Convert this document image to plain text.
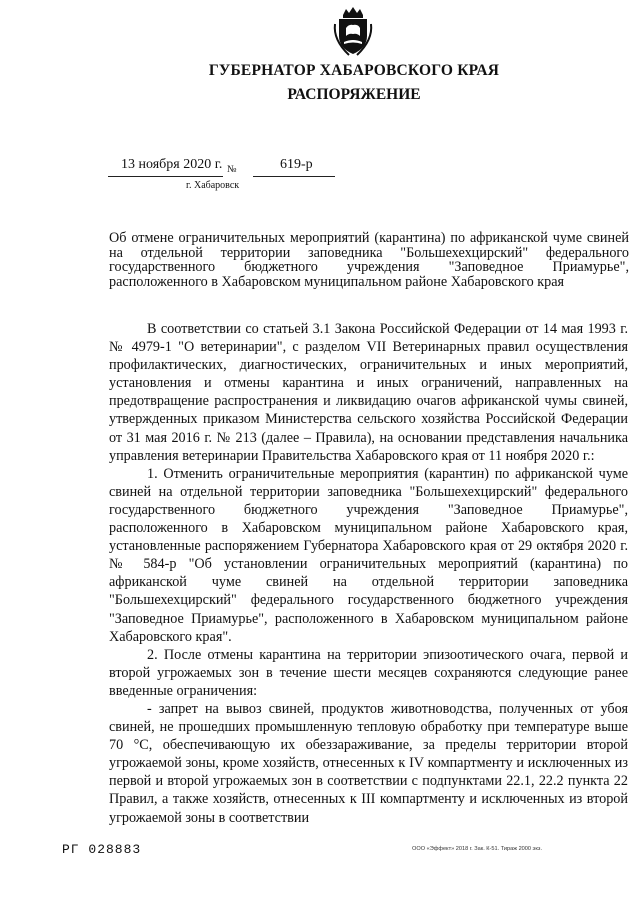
ГУБЕРНАТОР ХАБАРОВСКОГО КРАЯ
РАСПОРЯЖЕНИЕ
13 ноября 2020 г. №	619-р
г. Хабаровск
Об отмене ограничительных мероприятий (карантина) по африканской чуме свиней на отдельной территории заповедника "Большехехцирский" федерального государственного бюджетного учреждения "Заповедное Приамурье", расположенного в Хабаровском муниципальном районе Хабаровского края

В соответствии со статьей 3.1 Закона Российской Федерации от 14 мая 1993 г. № 4979-1 "О ветеринарии", с разделом VII Ветеринарных правил осуществления профилактических, диагностических, ограничительных и иных мероприятий, установления и отмены карантина и иных ограничений, направленных на предотвращение распространения и ликвидацию очагов африканской чумы свиней, утвержденных приказом Министерства сельского хозяйства Российской Федерации от 31 мая 2016 г. № 213 (далее – Правила), на основании представления начальника управления ветеринарии Правительства Хабаровского края от 11 ноября 2020 г.:

1. Отменить ограничительные мероприятия (карантин) по африканской чуме свиней на отдельной территории заповедника "Большехехцирский" федерального государственного бюджетного учреждения "Заповедное Приамурье", расположенного в Хабаровском муниципальном районе Хабаровского края, установленные распоряжением Губернатора Хабаровского края от 29 октября 2020 г. № 584-р "Об установлении ограничительных мероприятий (карантина) по африканской чуме свиней на отдельной территории заповедника "Большехехцирский" федерального государственного бюджетного учреждения "Заповедное Приамурье", расположенного в Хабаровском муниципальном районе Хабаровского края".

2. После отмены карантина на территории эпизоотического очага, первой и второй угрожаемых зон в течение шести месяцев сохраняются следующие ранее введенные ограничения:

- запрет на вывоз свиней, продуктов животноводства, полученных от убоя свиней, не прошедших промышленную тепловую обработку при температуре выше 70 °С, обеспечивающую их обеззараживание, за пределы территории второй угрожаемой зоны, кроме хозяйств, отнесенных к IV компартменту и исключенных из первой и второй угрожаемых зон в соответствии с подпунктами 22.1, 22.2 пункта 22 Правил, а также хозяйств, отнесенных к III компартменту и исключенных из второй угрожаемой зоны в соответствии

РГ 028883	ООО «Эффект» 2018 г. Зак. К-51. Тираж 2000 экз.
